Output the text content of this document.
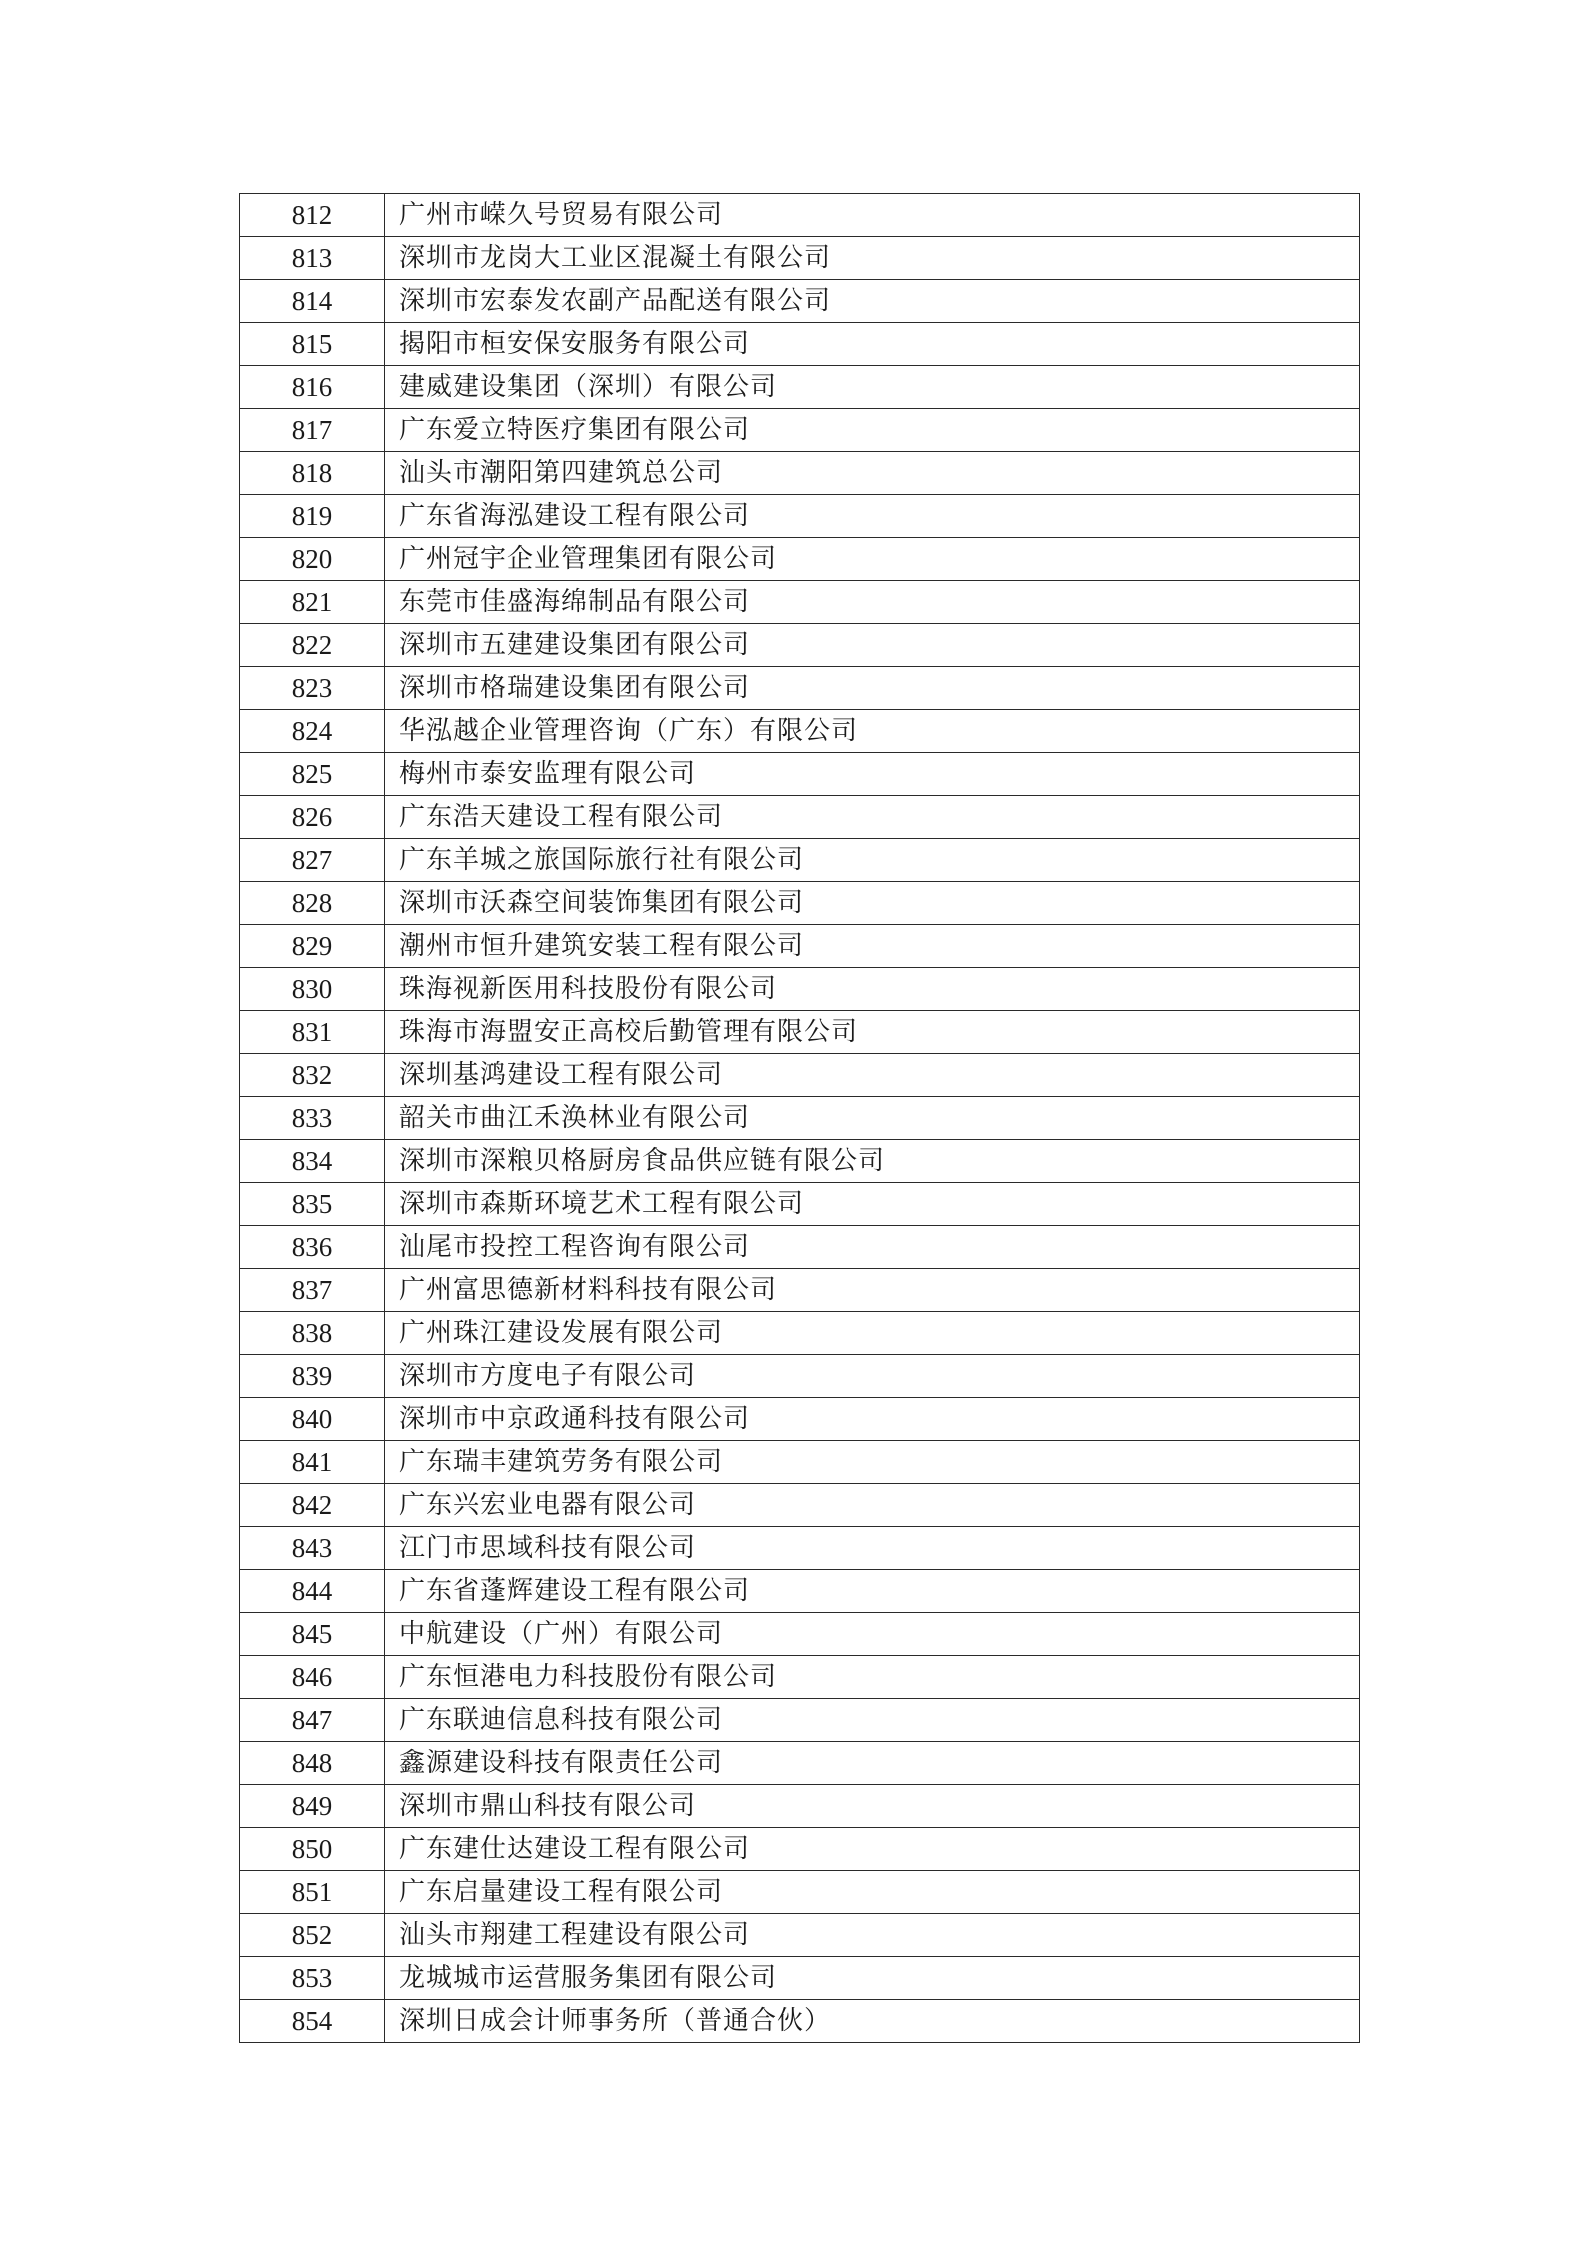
812	广州市嵘久号贸易有限公司
813	深圳市龙岗大工业区混凝土有限公司
814	深圳市宏泰发农副产品配送有限公司
815	揭阳市桓安保安服务有限公司
816	建威建设集团（深圳）有限公司
817	广东爱立特医疗集团有限公司
818	汕头市潮阳第四建筑总公司
819	广东省海泓建设工程有限公司
820	广州冠宇企业管理集团有限公司
821	东莞市佳盛海绵制品有限公司
822	深圳市五建建设集团有限公司
823	深圳市格瑞建设集团有限公司
824	华泓越企业管理咨询（广东）有限公司
825	梅州市泰安监理有限公司
826	广东浩天建设工程有限公司
827	广东羊城之旅国际旅行社有限公司
828	深圳市沃森空间装饰集团有限公司
829	潮州市恒升建筑安装工程有限公司
830	珠海视新医用科技股份有限公司
831	珠海市海盟安正高校后勤管理有限公司
832	深圳基鸿建设工程有限公司
833	韶关市曲江禾涣林业有限公司
834	深圳市深粮贝格厨房食品供应链有限公司
835	深圳市森斯环境艺术工程有限公司
836	汕尾市投控工程咨询有限公司
837	广州富思德新材料科技有限公司
838	广州珠江建设发展有限公司
839	深圳市方度电子有限公司
840	深圳市中京政通科技有限公司
841	广东瑞丰建筑劳务有限公司
842	广东兴宏业电器有限公司
843	江门市思域科技有限公司
844	广东省蓬辉建设工程有限公司
845	中航建设（广州）有限公司
846	广东恒港电力科技股份有限公司
847	广东联迪信息科技有限公司
848	鑫源建设科技有限责任公司
849	深圳市鼎山科技有限公司
850	广东建仕达建设工程有限公司
851	广东启量建设工程有限公司
852	汕头市翔建工程建设有限公司
853	龙城城市运营服务集团有限公司
854	深圳日成会计师事务所（普通合伙）
